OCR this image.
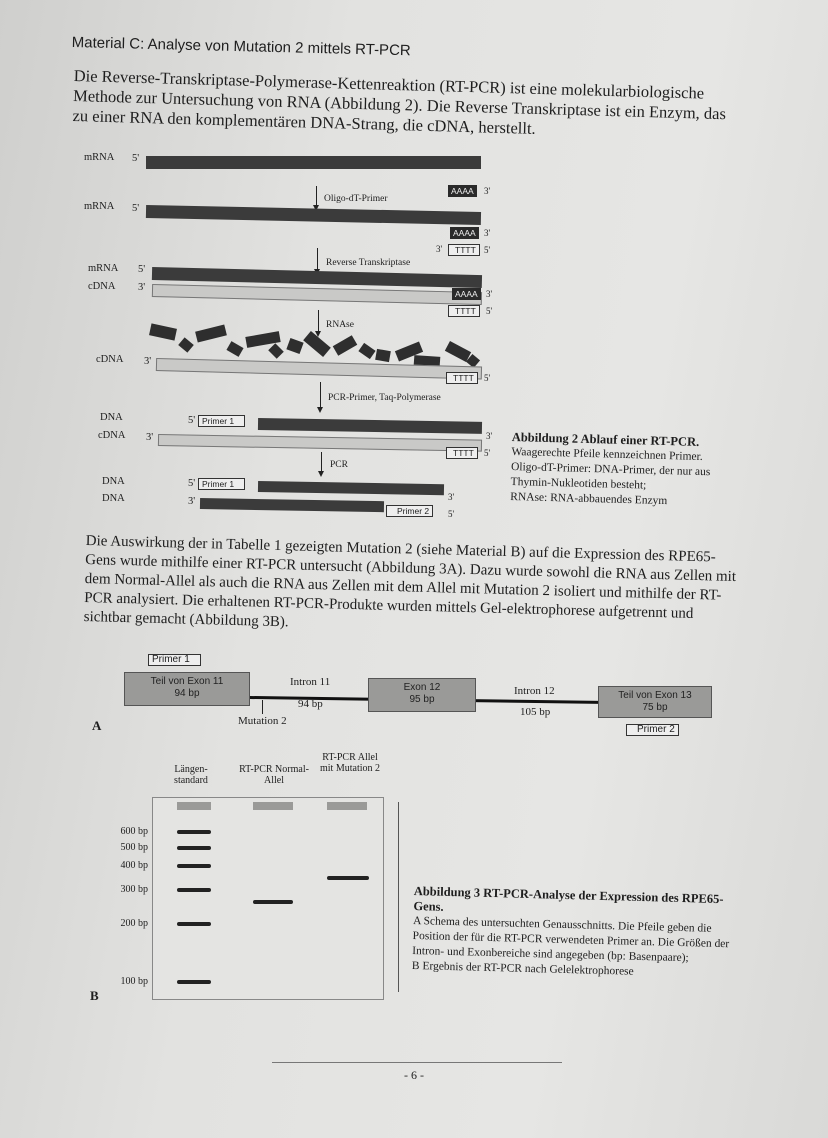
Material C: Analyse von Mutation 2 mittels RT-PCR
Die Reverse-Transkriptase-Polymerase-Kettenreaktion (RT-PCR) ist eine molekularbiologische Methode zur Untersuchung von RNA (Abbildung 2). Die Reverse Transkriptase ist ein Enzym, das zu einer RNA den komplementären DNA-Strang, die cDNA, herstellt.
mRNA 5'
AAAA	3'
Oligo-dT-Primer
mRNA 5'
AAAA 3'
3'	TTTT 5'
Reverse Transkriptase
mRNA 5'
cDNA 3'
AAAA 3'
TTTT	5'
RNAse
cDNA 3'
TTTT	5'
PCR-Primer, Taq-Polymerase
DNA	5' Primer 1
3'
cDNA 3'
TTTT	5'
PCR
DNA	5' Primer 1
3'
DNA	3'
Primer 2	5'
Abbildung 2 Ablauf einer RT-PCR.
Waagerechte Pfeile kennzeichnen Primer.
Oligo-dT-Primer: DNA-Primer, der nur aus Thymin-Nukleotiden besteht;
RNAse: RNA-abbauendes Enzym
Die Auswirkung der in Tabelle 1 gezeigten Mutation 2 (siehe Material B) auf die Expression des RPE65-Gens wurde mithilfe einer RT-PCR untersucht (Abbildung 3A). Dazu wurde sowohl die RNA aus Zellen mit dem Normal-Allel als auch die RNA aus Zellen mit dem Allel mit Mutation 2 isoliert und mithilfe der RT-PCR analysiert. Die erhaltenen RT-PCR-Produkte wurden mittels Gel-elektrophorese aufgetrennt und sichtbar gemacht (Abbildung 3B).
Primer 1
Teil von Exon 11
94 bp
Intron 11
94 bp
Exon 12
95 bp
Intron 12
105 bp
Teil von Exon 13
75 bp
Primer 2
Mutation 2
A
Längen-standard
RT-PCR Normal-Allel
RT-PCR Allel mit Mutation 2
600 bp
500 bp
400 bp
300 bp
200 bp
100 bp
B
Abbildung 3 RT-PCR-Analyse der Expression des RPE65-Gens.
A Schema des untersuchten Genausschnitts. Die Pfeile geben die Position der für die RT-PCR verwendeten Primer an. Die Größen der Intron- und Exonbereiche sind angegeben (bp: Basenpaare);
B Ergebnis der RT-PCR nach Gelelektrophorese
- 6 -
